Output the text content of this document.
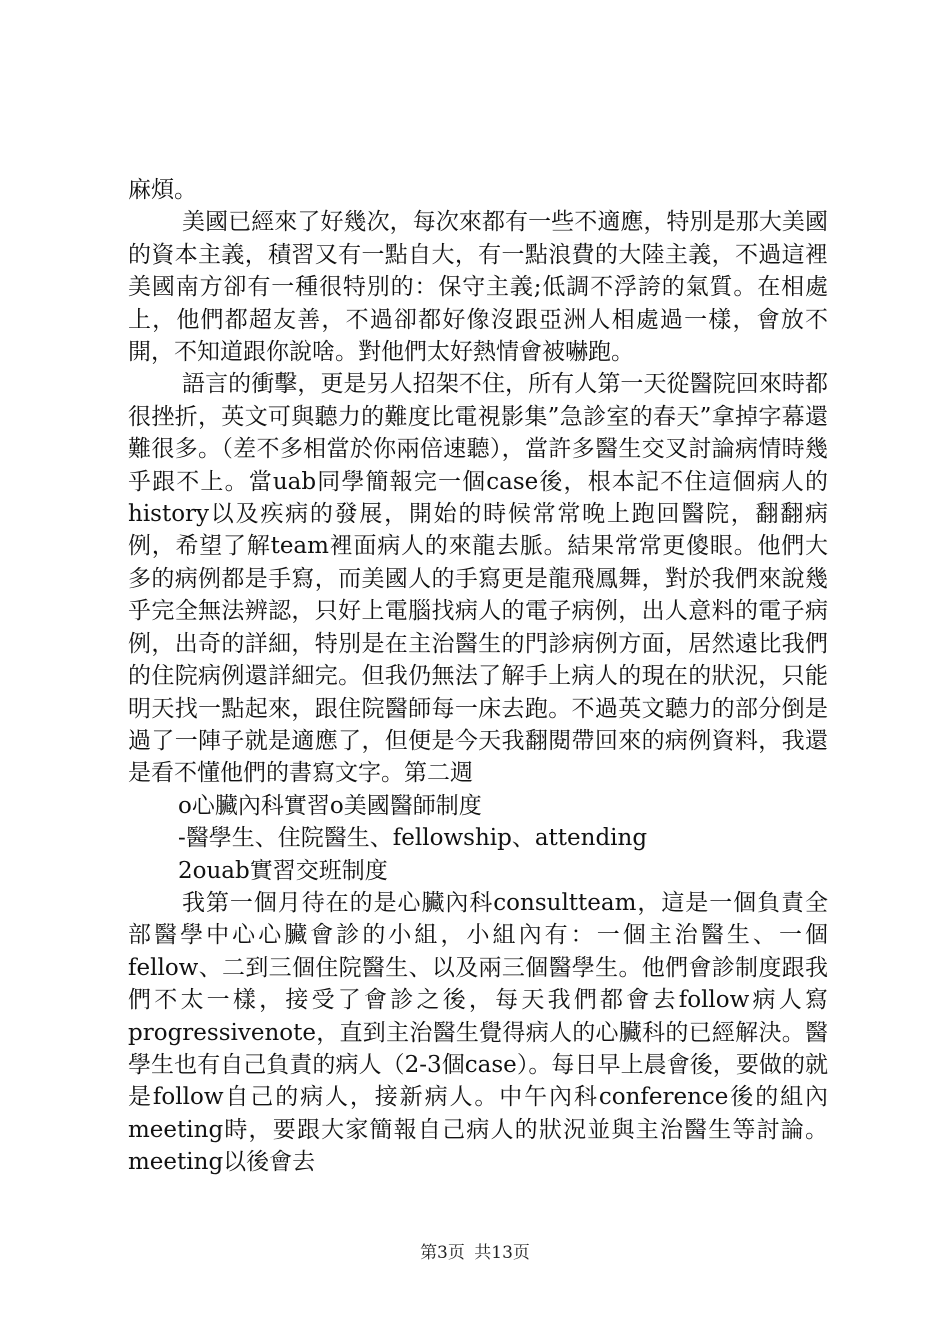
麻煩。

美國已經來了好幾次，每次來都有一些不適應，特別是那大美國的資本主義，積習又有一點自大，有一點浪費的大陸主義，不過這裡美國南方卻有一種很特別的：保守主義;低調不浮誇的氣質。在相處上，他們都超友善，不過卻都好像沒跟亞洲人相處過一樣，會放不開，不知道跟你說啥。對他們太好熱情會被嚇跑。

語言的衝擊，更是另人招架不住，所有人第一天從醫院回來時都很挫折，英文可與聽力的難度比電視影集”急診室的春天”拿掉字幕還難很多。（差不多相當於你兩倍速聽），當許多醫生交叉討論病情時幾乎跟不上。當uab同學簡報完一個case後，根本記不住這個病人的history以及疾病的發展，開始的時候常常晚上跑回醫院，翻翻病例，希望了解team裡面病人的來龍去脈。結果常常更傻眼。他們大多的病例都是手寫，而美國人的手寫更是龍飛鳳舞，對於我們來說幾乎完全無法辨認，只好上電腦找病人的電子病例，出人意料的電子病例，出奇的詳細，特別是在主治醫生的門診病例方面，居然遠比我們的住院病例還詳細完。但我仍無法了解手上病人的現在的狀況，只能明天找一點起來，跟住院醫師每一床去跑。不過英文聽力的部分倒是過了一陣子就是適應了，但便是今天我翻閱帶回來的病例資料，我還是看不懂他們的書寫文字。第二週

o心臟內科實習o美國醫師制度

-醫學生、住院醫生、fellowship、attending

2ouab實習交班制度

我第一個月待在的是心臟內科consultteam，這是一個負責全部醫學中心心臟會診的小組，小組內有：一個主治醫生、一個fellow、二到三個住院醫生、以及兩三個醫學生。他們會診制度跟我們不太一樣，接受了會診之後，每天我們都會去follow病人寫progressivenote，直到主治醫生覺得病人的心臟科的已經解決。醫學生也有自己負責的病人（2-3個case）。每日早上晨會後，要做的就是follow自己的病人，接新病人。中午內科conference後的組內meeting時，要跟大家簡報自己病人的狀況並與主治醫生等討論。meeting以後會去

第3页 共13页
